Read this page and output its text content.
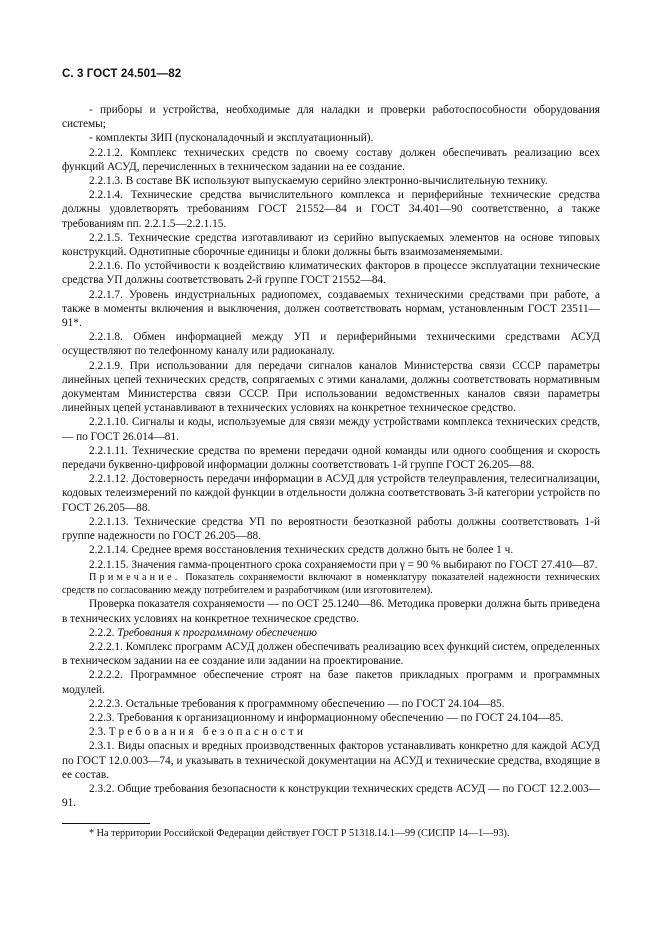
С. 3 ГОСТ 24.501—82

- приборы и устройства, необходимые для наладки и проверки работоспособности оборудования системы;

- комплекты ЗИП (пусконаладочный и эксплуатационный).

2.2.1.2. Комплекс технических средств по своему составу должен обеспечивать реализацию всех функций АСУД, перечисленных в техническом задании на ее создание.

2.2.1.3. В составе ВК используют выпускаемую серийно электронно-вычислительную технику.

2.2.1.4. Технические средства вычислительного комплекса и периферийные технические средства должны удовлетворять требованиям ГОСТ 21552—84 и ГОСТ 34.401—90 соответственно, а также требованиям пп. 2.2.1.5—2.2.1.15.

2.2.1.5. Технические средства изготавливают из серийно выпускаемых элементов на основе типовых конструкций. Однотипные сборочные единицы и блоки должны быть взаимозаменяемыми.

2.2.1.6. По устойчивости к воздействию климатических факторов в процессе эксплуатации технические средства УП должны соответствовать 2-й группе ГОСТ 21552—84.

2.2.1.7. Уровень индустриальных радиопомех, создаваемых техническими средствами при работе, а также в моменты включения и выключения, должен соответствовать нормам, установленным ГОСТ 23511—91*.

2.2.1.8. Обмен информацией между УП и периферийными техническими средствами АСУД осуществляют по телефонному каналу или радиоканалу.

2.2.1.9. При использовании для передачи сигналов каналов Министерства связи СССР параметры линейных цепей технических средств, сопрягаемых с этими каналами, должны соответствовать нормативным документам Министерства связи СССР. При использовании ведомственных каналов связи параметры линейных цепей устанавливают в технических условиях на конкретное техническое средство.

2.2.1.10. Сигналы и коды, используемые для связи между устройствами комплекса технических средств, — по ГОСТ 26.014—81.

2.2.1.11. Технические средства по времени передачи одной команды или одного сообщения и скорость передачи буквенно-цифровой информации должны соответствовать 1-й группе ГОСТ 26.205—88.

2.2.1.12. Достоверность передачи информации в АСУД для устройств телеуправления, телесигнализации, кодовых телеизмерений по каждой функции в отдельности должна соответствовать 3-й категории устройств по ГОСТ 26.205—88.

2.2.1.13. Технические средства УП по вероятности безотказной работы должны соответствовать 1-й группе надежности по ГОСТ 26.205—88.

2.2.1.14. Среднее время восстановления технических средств должно быть не более 1 ч.

2.2.1.15. Значения гамма-процентного срока сохраняемости при γ = 90 % выбирают по ГОСТ 27.410—87.

Примечание. Показатель сохраняемости включают в номенклатуру показателей надежности технических средств по согласованию между потребителем и разработчиком (или изготовителем).

Проверка показателя сохраняемости — по ОСТ 25.1240—86. Методика проверки должна быть приведена в технических условиях на конкретное техническое средство.

2.2.2. Требования к программному обеспечению

2.2.2.1. Комплекс программ АСУД должен обеспечивать реализацию всех функций систем, определенных в техническом задании на ее создание или задании на проектирование.

2.2.2.2. Программное обеспечение строят на базе пакетов прикладных программ и программных модулей.

2.2.2.3. Остальные требования к программному обеспечению — по ГОСТ 24.104—85.

2.2.3. Требования к организационному и информационному обеспечению — по ГОСТ 24.104—85.

2.3. Требования безопасности

2.3.1. Виды опасных и вредных производственных факторов устанавливать конкретно для каждой АСУД по ГОСТ 12.0.003—74, и указывать в технической документации на АСУД и технические средства, входящие в ее состав.

2.3.2. Общие требования безопасности к конструкции технических средств АСУД — по ГОСТ 12.2.003—91.

* На территории Российской Федерации действует ГОСТ Р 51318.14.1—99 (СИСПР 14—1—93).
